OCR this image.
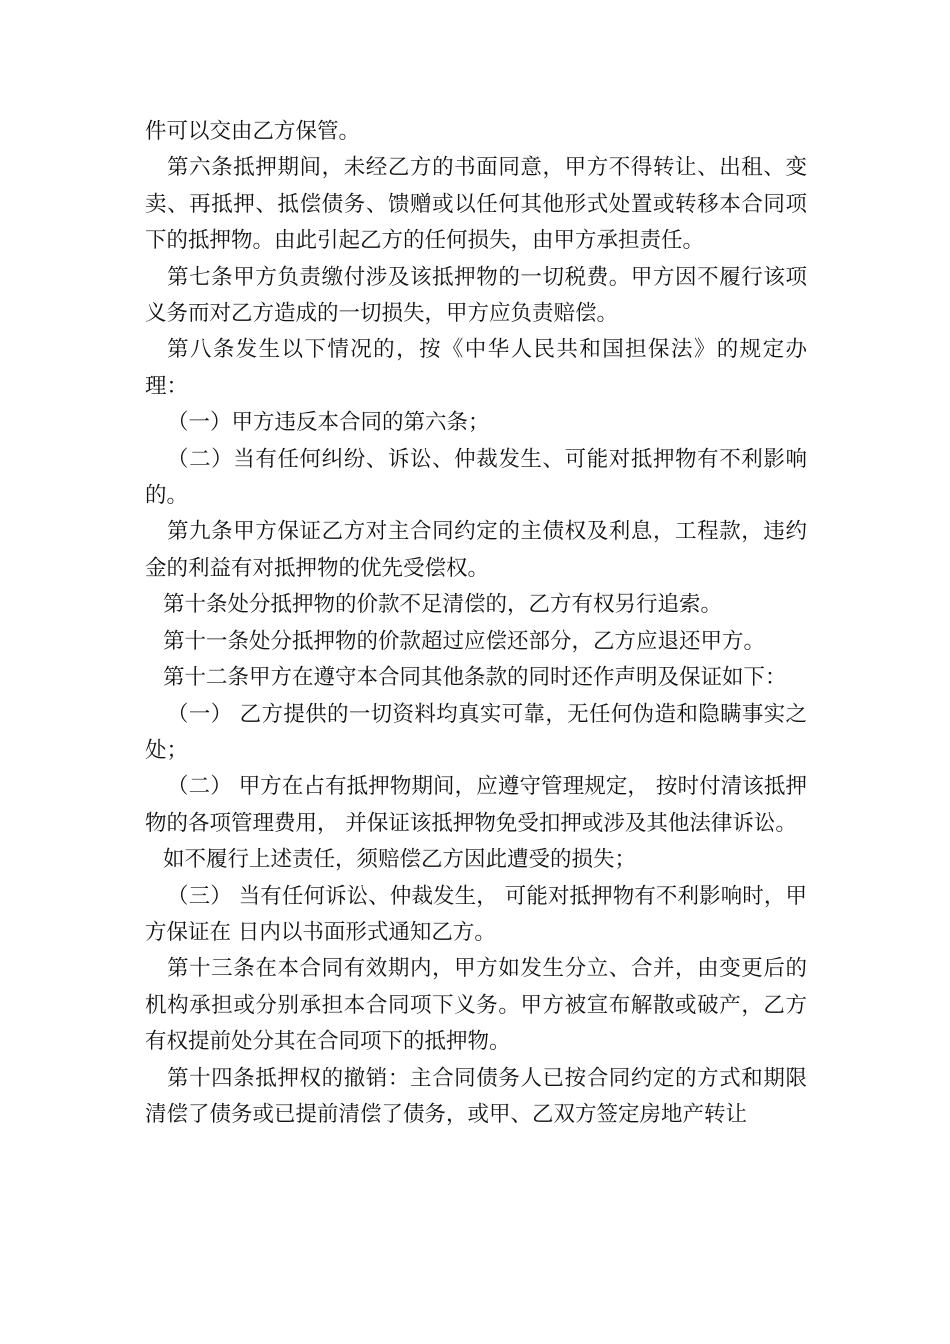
件可以交由乙方保管。

第六条抵押期间，未经乙方的书面同意，甲方不得转让、出租、变卖、再抵押、抵偿债务、馈赠或以任何其他形式处置或转移本合同项下的抵押物。由此引起乙方的任何损失，由甲方承担责任。

第七条甲方负责缴付涉及该抵押物的一切税费。甲方因不履行该项义务而对乙方造成的一切损失，甲方应负责赔偿。

第八条发生以下情况的，按《中华人民共和国担保法》的规定办理：

（一）甲方违反本合同的第六条；

（二）当有任何纠纷、诉讼、仲裁发生、可能对抵押物有不利影响的。

第九条甲方保证乙方对主合同约定的主债权及利息，工程款，违约金的利益有对抵押物的优先受偿权。

第十条处分抵押物的价款不足清偿的，乙方有权另行追索。

第十一条处分抵押物的价款超过应偿还部分，乙方应退还甲方。

第十二条甲方在遵守本合同其他条款的同时还作声明及保证如下：

（一） 乙方提供的一切资料均真实可靠，无任何伪造和隐瞒事实之处；

（二） 甲方在占有抵押物期间，应遵守管理规定， 按时付清该抵押物的各项管理费用， 并保证该抵押物免受扣押或涉及其他法律诉讼。

如不履行上述责任，须赔偿乙方因此遭受的损失；

（三） 当有任何诉讼、仲裁发生， 可能对抵押物有不利影响时，甲方保证在 日内以书面形式通知乙方。

第十三条在本合同有效期内，甲方如发生分立、合并，由变更后的机构承担或分别承担本合同项下义务。甲方被宣布解散或破产，乙方有权提前处分其在合同项下的抵押物。

第十四条抵押权的撤销：主合同债务人已按合同约定的方式和期限清偿了债务或已提前清偿了债务，或甲、乙双方签定房地产转让
